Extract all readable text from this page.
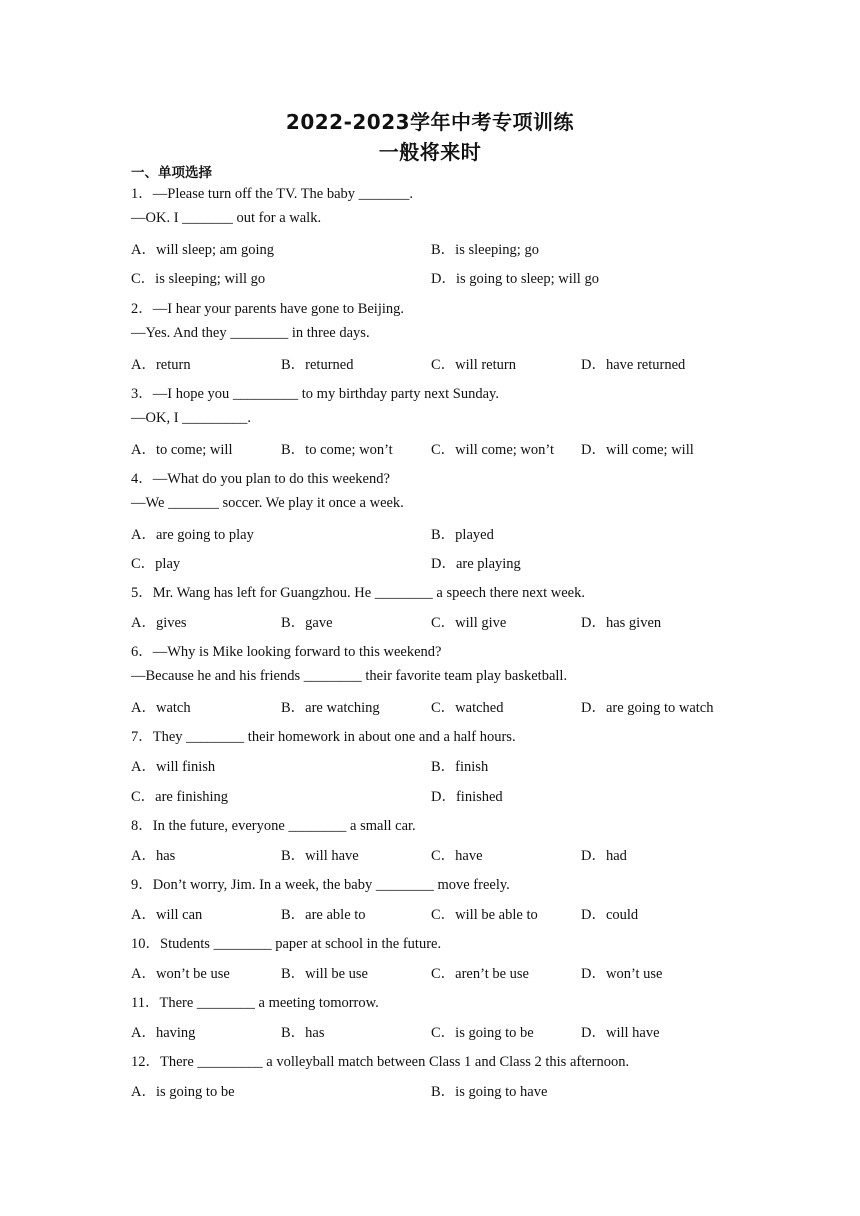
2022-2023学年中考专项训练
一般将来时
一、单项选择
1．—Please turn off the TV. The baby _______.
—OK. I _______ out for a walk.
A．will sleep; am going	B．is sleeping; go
C．is sleeping; will go	D．is going to sleep; will go
2．—I hear your parents have gone to Beijing.
—Yes. And they ________ in three days.
A．return	B．returned	C．will return	D．have returned
3．—I hope you _________ to my birthday party next Sunday.
—OK, I _________.
A．to come; will	B．to come; won’t	C．will come; won’t D．will come; will
4．—What do you plan to do this weekend?
—We _______ soccer. We play it once a week.
A．are going to play	B．played
C．play	D．are playing
5．Mr. Wang has left for Guangzhou. He ________ a speech there next week.
A．gives	B．gave	C．will give	D．has given
6．—Why is Mike looking forward to this weekend?
—Because he and his friends ________ their favorite team play basketball.
A．watch	B．are watching	C．watched	D．are going to watch
7．They ________ their homework in about one and a half hours.
A．will finish	B．finish
C．are finishing	D．finished
8．In the future, everyone ________ a small car.
A．has	B．will have	C．have	D．had
9．Don’t worry, Jim. In a week, the baby ________ move freely.
A．will can	B．are able to	C．will be able to	D．could
10．Students ________ paper at school in the future.
A．won’t be use	B．will be use	C．aren’t be use	D．won’t use
11．There ________ a meeting tomorrow.
A．having	B．has	C．is going to be	D．will have
12．There _________ a volleyball match between Class 1 and Class 2 this afternoon.
A．is going to be	B．is going to have
